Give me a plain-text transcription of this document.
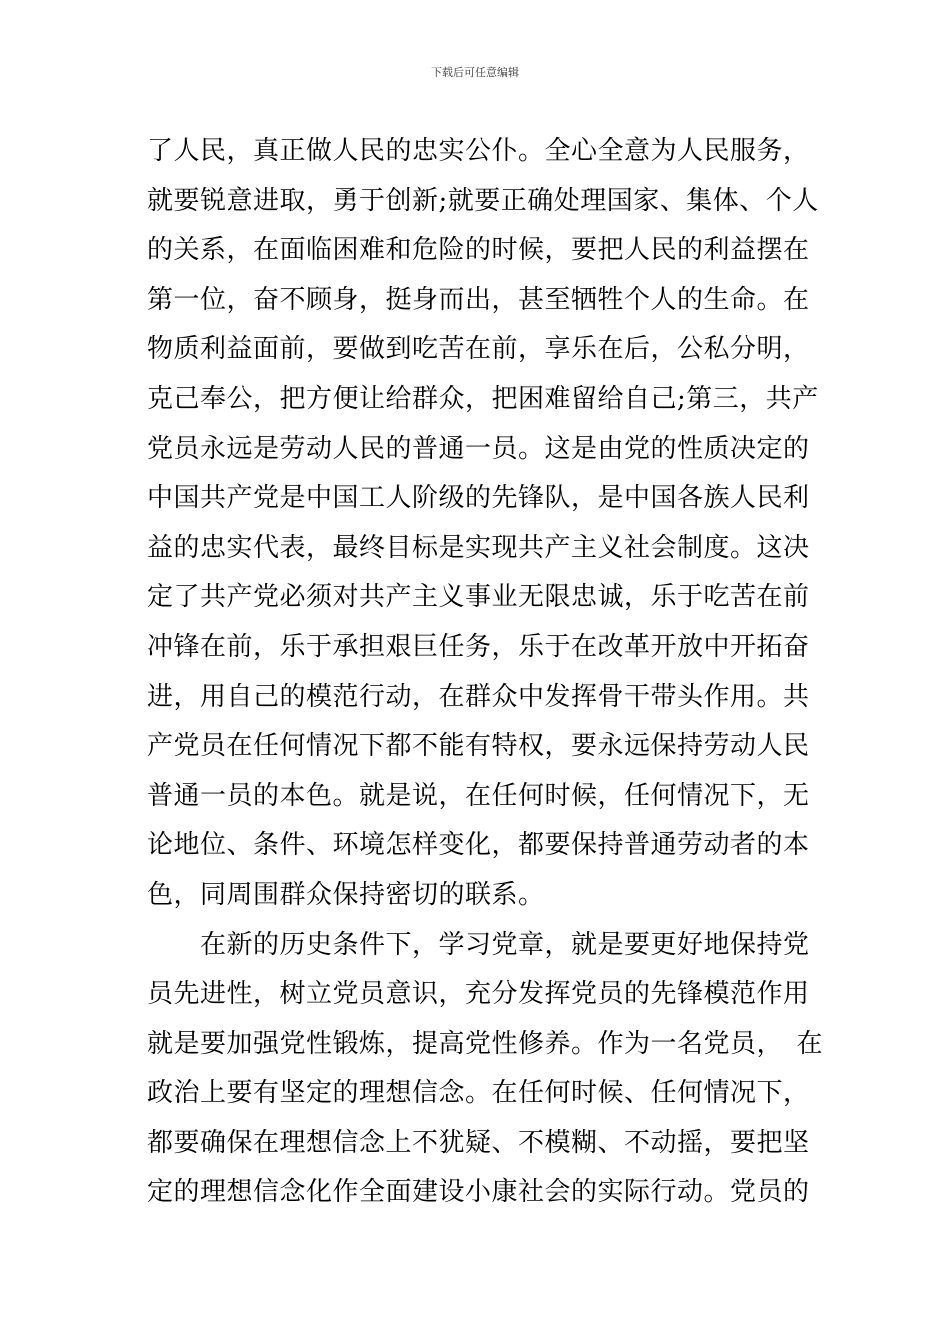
下载后可任意编辑
了人民，真正做人民的忠实公仆。全心全意为人民服务，
就要锐意进取，勇于创新;就要正确处理国家、集体、个人
的关系，在面临困难和危险的时候，要把人民的利益摆在
第一位，奋不顾身，挺身而出，甚至牺牲个人的生命。在
物质利益面前，要做到吃苦在前，享乐在后，公私分明，
克己奉公，把方便让给群众，把困难留给自己;第三，共产
党员永远是劳动人民的普通一员。这是由党的性质决定的
中国共产党是中国工人阶级的先锋队，是中国各族人民利
益的忠实代表，最终目标是实现共产主义社会制度。这决
定了共产党必须对共产主义事业无限忠诚，乐于吃苦在前
冲锋在前，乐于承担艰巨任务，乐于在改革开放中开拓奋
进，用自己的模范行动，在群众中发挥骨干带头作用。共
产党员在任何情况下都不能有特权，要永远保持劳动人民
普通一员的本色。就是说，在任何时候，任何情况下，无
论地位、条件、环境怎样变化，都要保持普通劳动者的本
色，同周围群众保持密切的联系。
　　在新的历史条件下，学习党章，就是要更好地保持党
员先进性，树立党员意识，充分发挥党员的先锋模范作用
就是要加强党性锻炼，提高党性修养。作为一名党员，　在
政治上要有坚定的理想信念。在任何时候、任何情况下，
都要确保在理想信念上不犹疑、不模糊、不动摇，要把坚
定的理想信念化作全面建设小康社会的实际行动。党员的
